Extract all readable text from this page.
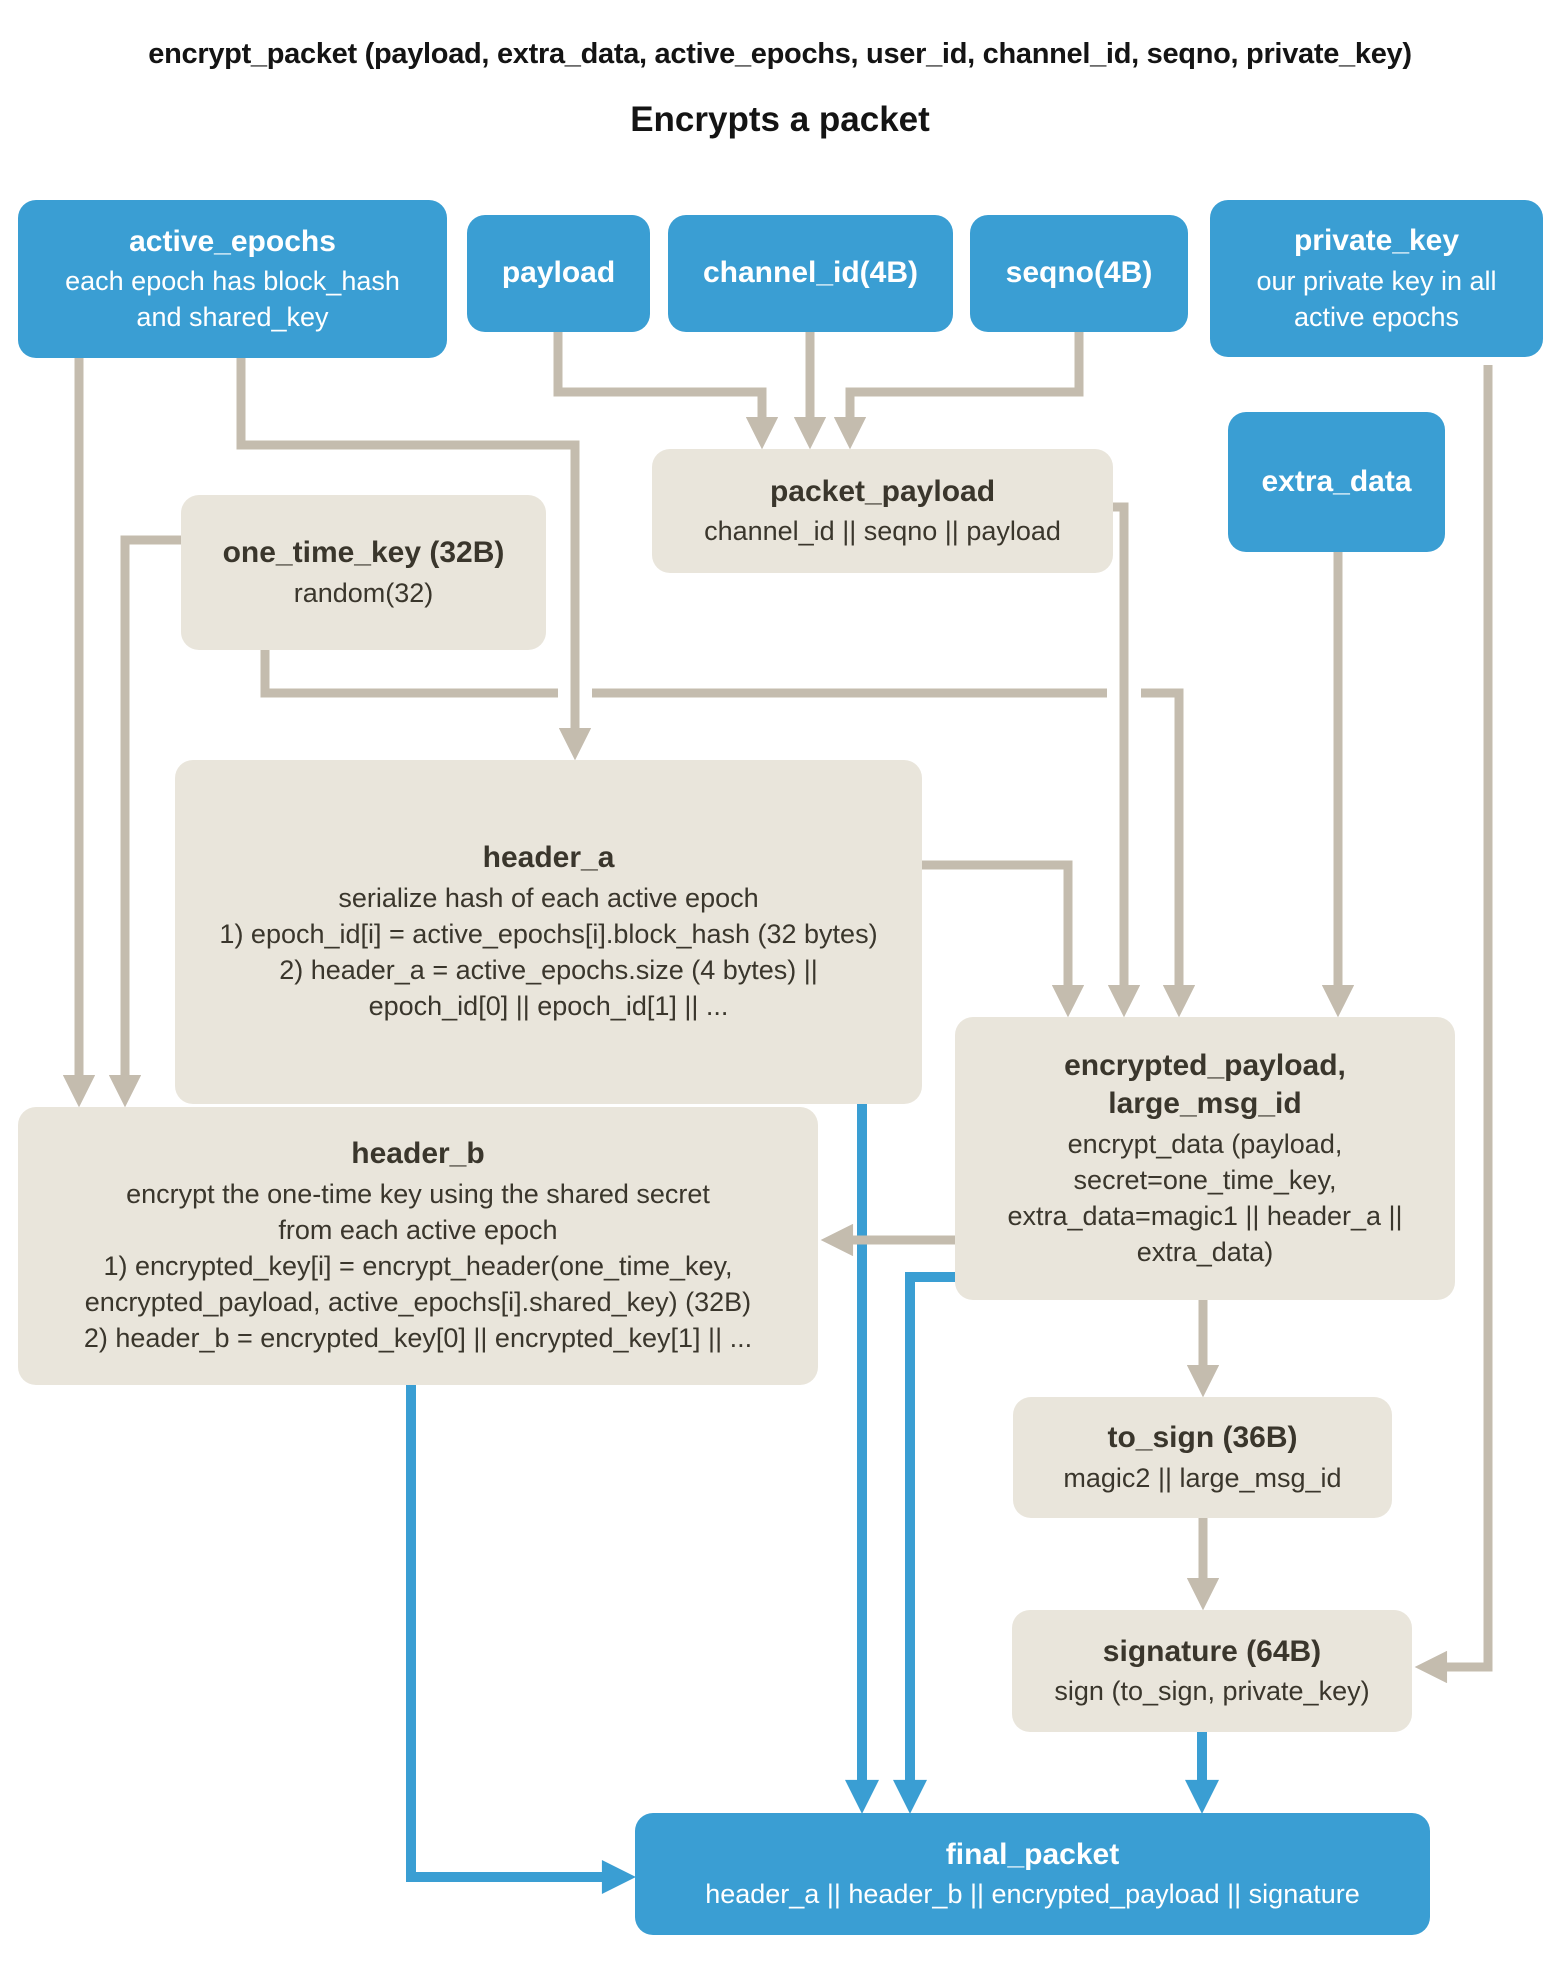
encrypt_packet (payload, extra_data, active_epochs, user_id, channel_id, seqno, private_key)
Encrypts a packet
active_epochs
each epoch has block_hash
and shared_key
payload	channel_id(4B)	seqno(4B)
private_key
our private key in all
active epochs
extra_data
one_time_key (32B)
random(32)
packet_payload
channel_id || seqno || payload
header_a
serialize hash of each active epoch
1) epoch_id[i] = active_epochs[i].block_hash (32 bytes)
2) header_a = active_epochs.size (4 bytes) ||
epoch_id[0] || epoch_id[1] || ...
header_b
encrypt the one-time key using the shared secret
from each active epoch
1) encrypted_key[i] = encrypt_header(one_time_key,
encrypted_payload, active_epochs[i].shared_key) (32B)
2) header_b = encrypted_key[0] || encrypted_key[1] || ...
encrypted_payload,
large_msg_id
encrypt_data (payload,
secret=one_time_key,
extra_data=magic1 || header_a ||
extra_data)
to_sign (36B)
magic2 || large_msg_id
signature (64B)
sign (to_sign, private_key)
final_packet
header_a || header_b || encrypted_payload || signature
